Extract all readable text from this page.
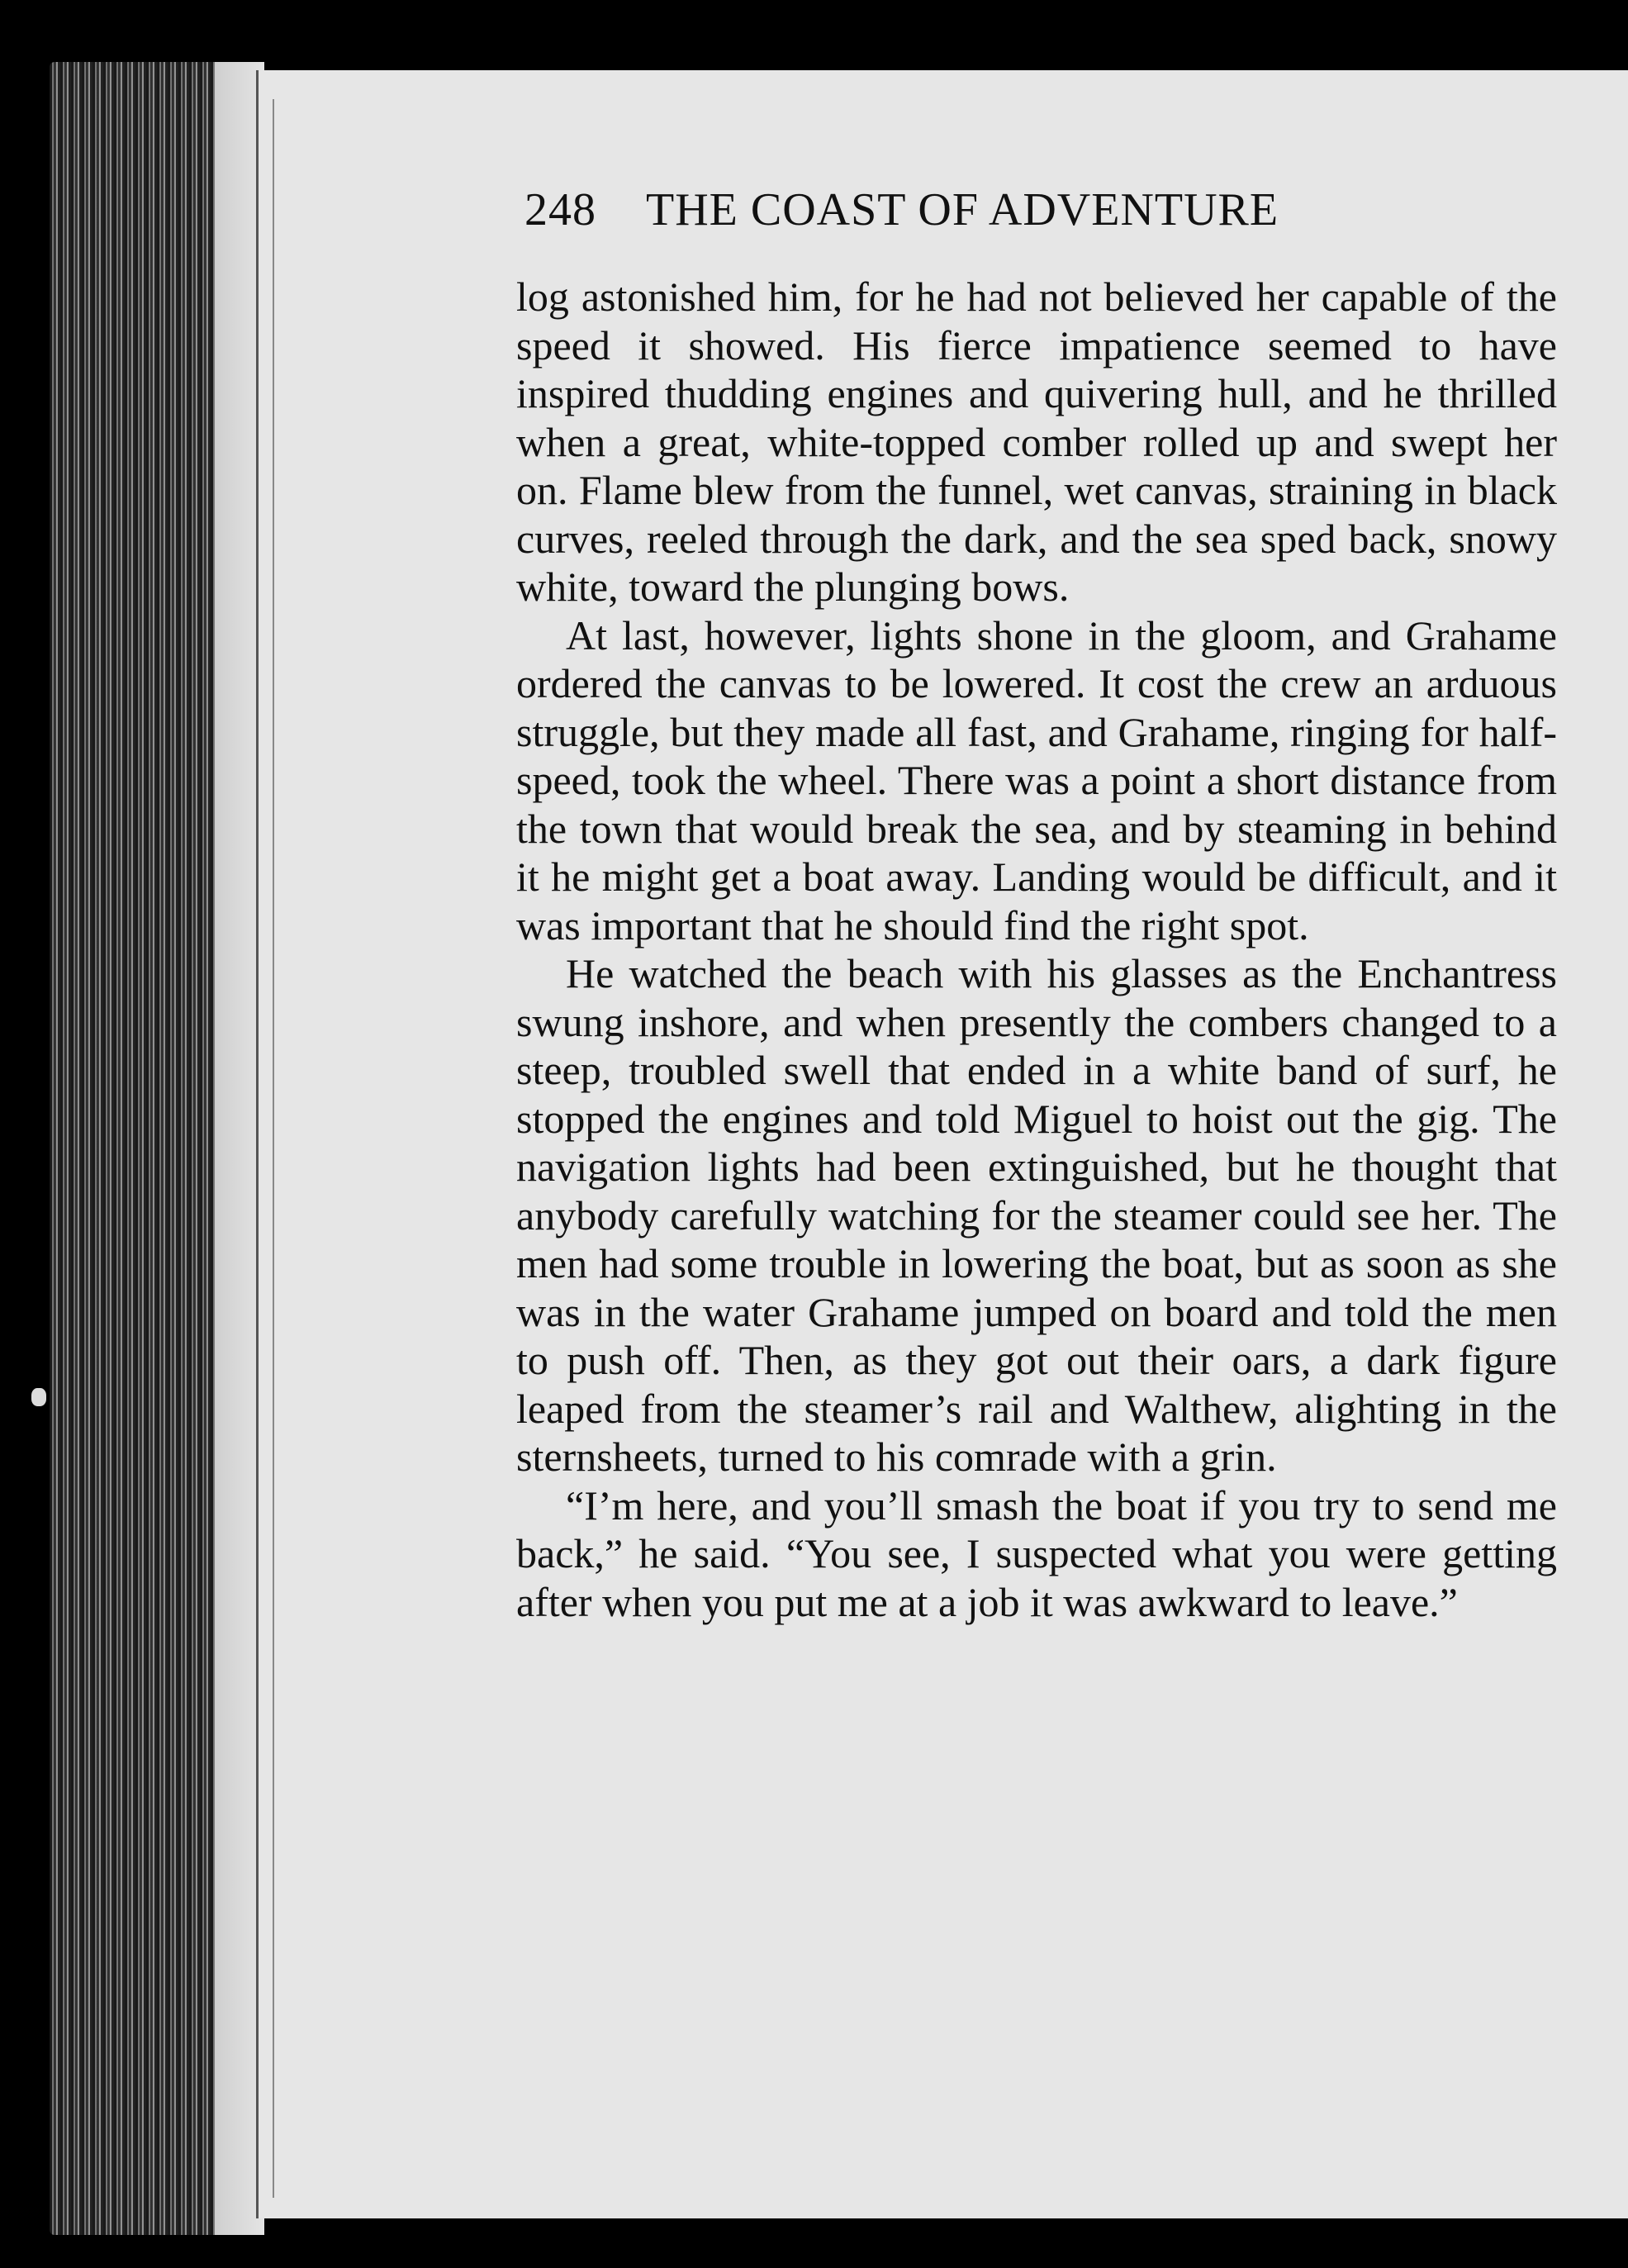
248 THE COAST OF ADVENTURE

log astonished him, for he had not believed her capable of the speed it showed. His fierce impatience seemed to have inspired thudding engines and quivering hull, and he thrilled when a great, white-topped comber rolled up and swept her on. Flame blew from the funnel, wet canvas, straining in black curves, reeled through the dark, and the sea sped back, snowy white, toward the plunging bows.

At last, however, lights shone in the gloom, and Grahame ordered the canvas to be lowered. It cost the crew an arduous struggle, but they made all fast, and Grahame, ringing for half-speed, took the wheel. There was a point a short distance from the town that would break the sea, and by steaming in behind it he might get a boat away. Landing would be difficult, and it was important that he should find the right spot.

He watched the beach with his glasses as the Enchantress swung inshore, and when presently the combers changed to a steep, troubled swell that ended in a white band of surf, he stopped the engines and told Miguel to hoist out the gig. The navigation lights had been extinguished, but he thought that anybody carefully watching for the steamer could see her. The men had some trouble in lowering the boat, but as soon as she was in the water Grahame jumped on board and told the men to push off. Then, as they got out their oars, a dark figure leaped from the steamer’s rail and Walthew, alighting in the sternsheets, turned to his comrade with a grin.

“I’m here, and you’ll smash the boat if you try to send me back,” he said. “You see, I suspected what you were getting after when you put me at a job it was awkward to leave.”
